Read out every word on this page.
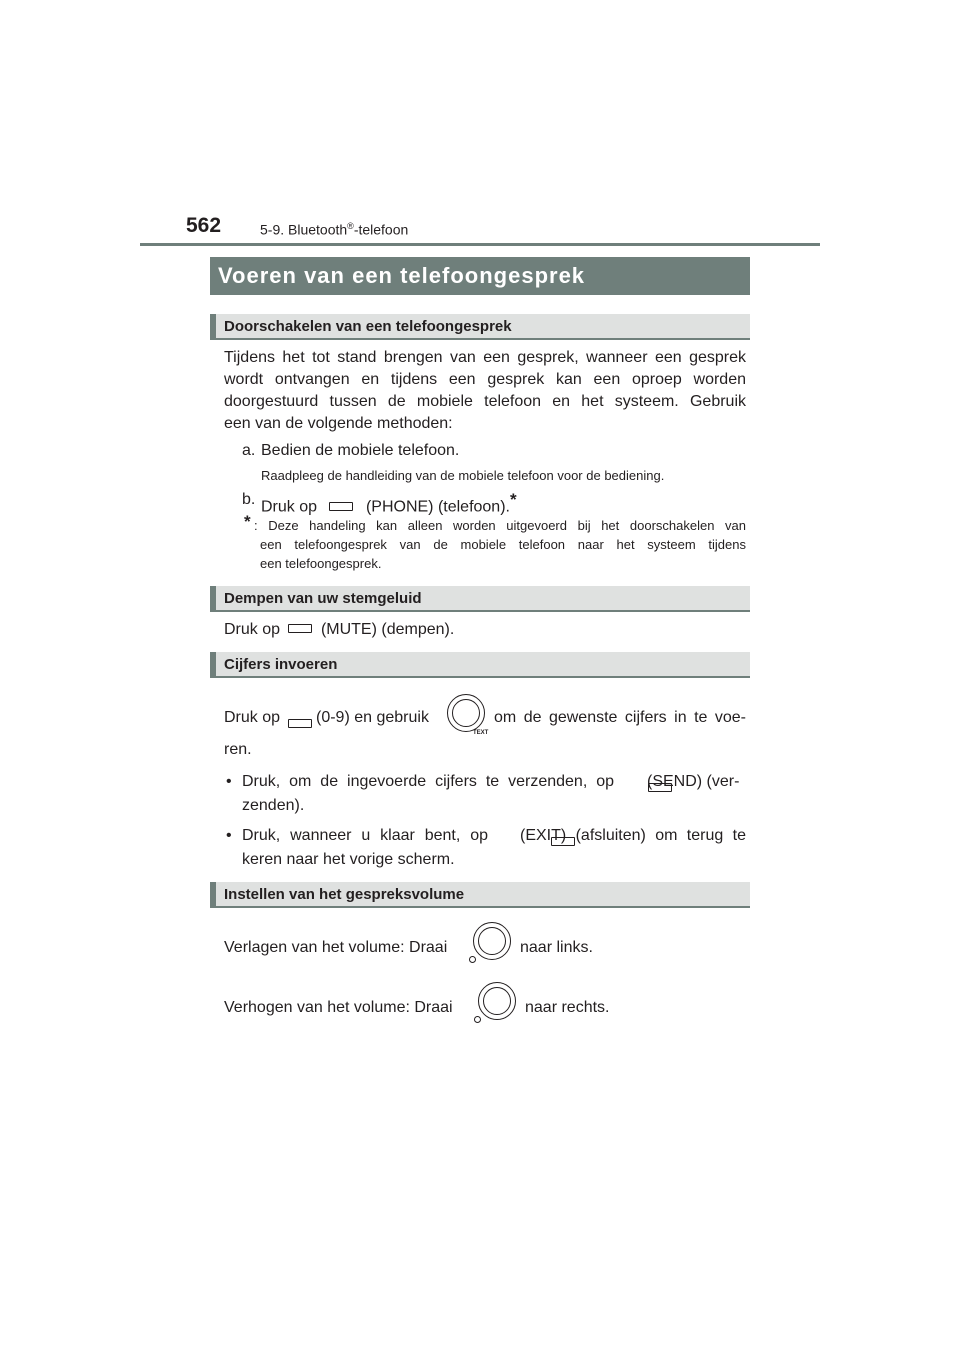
562	5-9. Bluetooth®-telefoon
Voeren van een telefoongesprek
Doorschakelen van een telefoongesprek
Tijdens het tot stand brengen van een gesprek, wanneer een gesprek
wordt ontvangen en tijdens een gesprek kan een oproep worden
doorgestuurd tussen de mobiele telefoon en het systeem. Gebruik
een van de volgende methoden:
a. Bedien de mobiele telefoon.
Raadpleeg de handleiding van de mobiele telefoon voor de bediening.
b. Druk op	(PHONE) (telefoon).*
* : Deze handeling kan alleen worden uitgevoerd bij het doorschakelen van
een telefoongesprek van de mobiele telefoon naar het systeem tijdens
een telefoongesprek.
Dempen van uw stemgeluid
Druk op	(MUTE) (dempen).
Cijfers invoeren
Druk op
(0-9) en gebruik
TEXT
om de gewenste cijfers in te voe-
ren.
• Druk, om de ingevoerde cijfers te verzenden, op
(SEND) (ver-
zenden).
• Druk, wanneer u klaar bent, op (EXIT) (afsluiten) om terug te
keren naar het vorige scherm.
Instellen van het gespreksvolume
Verlagen van het volume: Draai	naar links.
Verhogen van het volume: Draai	naar rechts.
